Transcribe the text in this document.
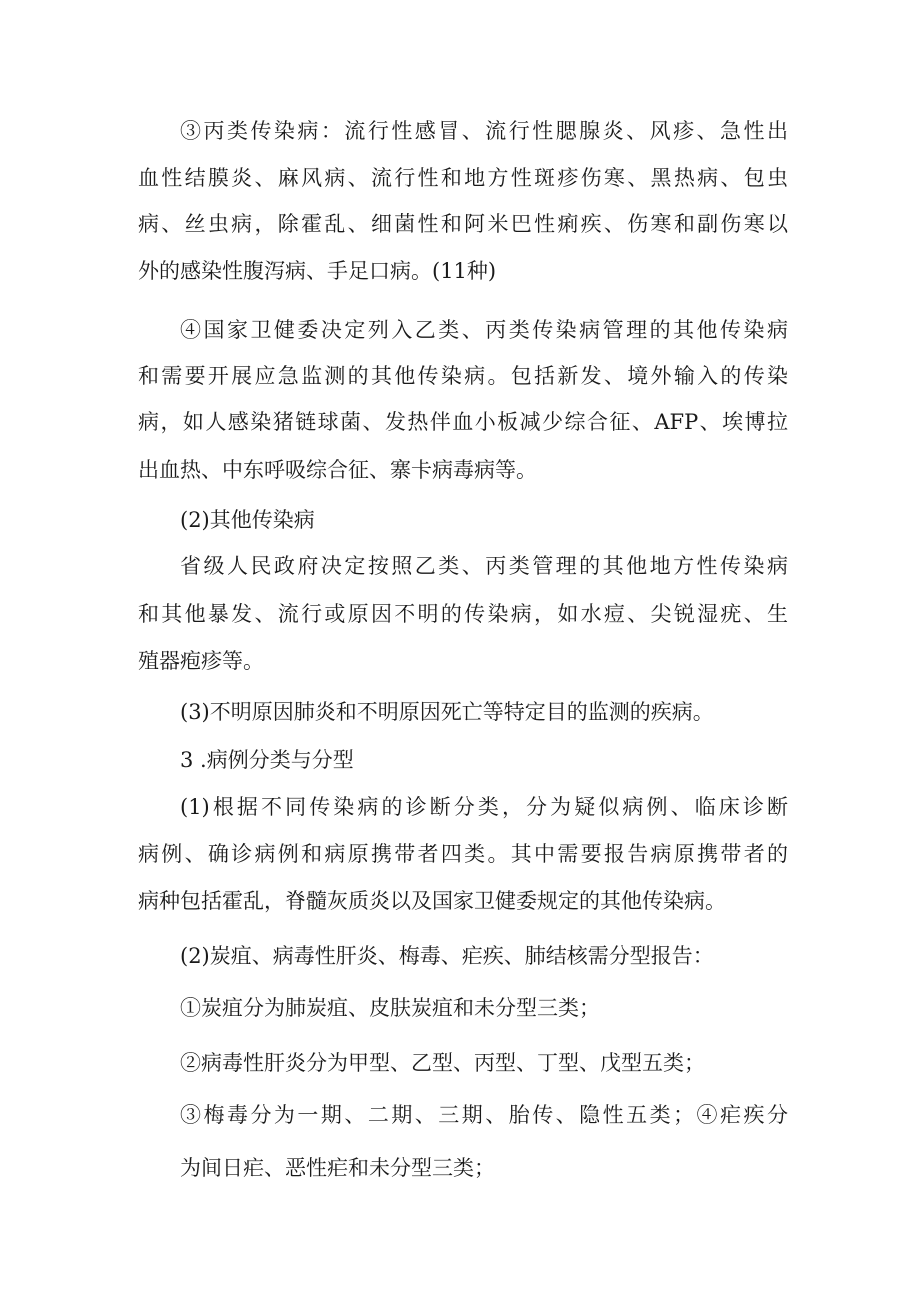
③丙类传染病：流行性感冒、流行性腮腺炎、风疹、急性出
血性结膜炎、麻风病、流行性和地方性斑疹伤寒、黑热病、包虫
病、丝虫病，除霍乱、细菌性和阿米巴性痢疾、伤寒和副伤寒以
外的感染性腹泻病、手足口病。(11种)
④国家卫健委决定列入乙类、丙类传染病管理的其他传染病
和需要开展应急监测的其他传染病。包括新发、境外输入的传染
病，如人感染猪链球菌、发热伴血小板减少综合征、AFP、埃博拉
出血热、中东呼吸综合征、寨卡病毒病等。
(2)其他传染病
省级人民政府决定按照乙类、丙类管理的其他地方性传染病
和其他暴发、流行或原因不明的传染病，如水痘、尖锐湿疣、生
殖器疱疹等。
(3)不明原因肺炎和不明原因死亡等特定目的监测的疾病。
3 .病例分类与分型
(1)根据不同传染病的诊断分类，分为疑似病例、临床诊断
病例、确诊病例和病原携带者四类。其中需要报告病原携带者的
病种包括霍乱，脊髓灰质炎以及国家卫健委规定的其他传染病。
(2)炭疽、病毒性肝炎、梅毒、疟疾、肺结核需分型报告：
①炭疽分为肺炭疽、皮肤炭疽和未分型三类；
②病毒性肝炎分为甲型、乙型、丙型、丁型、戊型五类；
③梅毒分为一期、二期、三期、胎传、隐性五类；④疟疾分
为间日疟、恶性疟和未分型三类；
